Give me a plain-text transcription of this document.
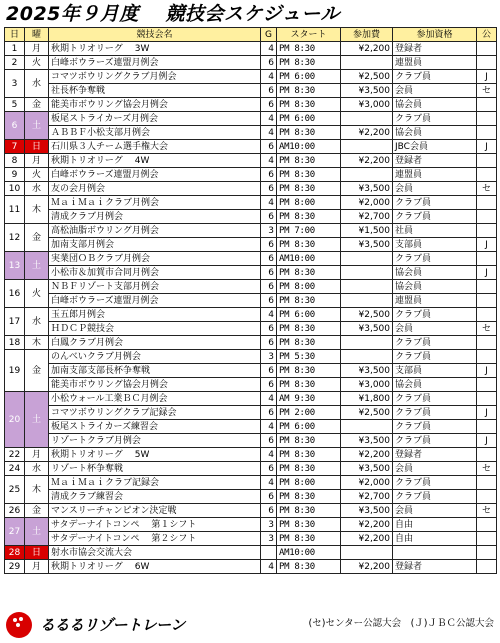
2025年９月度　 競技会スケジュール
日	曜	競技会名	G	スタート	参加費	参加資格	公
1	月	秋期トリオリーグ　 3W	4	PM 8:30	¥2,200	登録者	
2	火	白峰ボウラーズ連盟月例会	6	PM 8:30		連盟員	
3	水	コマツボウリングクラブ月例会	4	PM 6:00	¥2,500	クラブ員	J
		社長杯争奪戦	6	PM 8:30	¥3,500	会員	セ
5	金	能美市ボウリング協会月例会	6	PM 8:30	¥3,000	協会員	
6	土	板尾ストライカーズ月例会	4	PM 6:00		クラブ員	
		ＡＢＢＦ小松支部月例会	4	PM 8:30	¥2,200	協会員	
7	日	石川県３人チーム選手権大会	6	AM10:00		JBC会員	J
8	月	秋期トリオリーグ　 4W	4	PM 8:30	¥2,200	登録者	
9	火	白峰ボウラーズ連盟月例会	6	PM 8:30		連盟員	
10	水	友の会月例会	6	PM 8:30	¥3,500	会員	セ
11	木	ＭａｉＭａｉクラブ月例会	4	PM 8:00	¥2,000	クラブ員	
		清成クラブ月例会	6	PM 8:30	¥2,700	クラブ員	
12	金	高松油脂ボウリング月例会	3	PM 7:00	¥1,500	社員	
		加南支部月例会	6	PM 8:30	¥3,500	支部員	J
13	土	実業団ＯＢクラブ月例会	6	AM10:00		クラブ員	
		小松市＆加賀市合同月例会	6	PM 8:30		協会員	J
16	火	ＮＢＦリゾート支部月例会	6	PM 8:00		協会員	
		白峰ボウラーズ連盟月例会	6	PM 8:30		連盟員	
17	水	玉五郎月例会	4	PM 6:00	¥2,500	クラブ員	
		ＨＤＣＰ競技会	6	PM 8:30	¥3,500	会員	セ
18	木	白鳳クラブ月例会	6	PM 8:30		クラブ員	
19	金	のんべいクラブ月例会	3	PM 5:30		クラブ員	
		加南支部支部長杯争奪戦	6	PM 8:30	¥3,500	支部員	J
		能美市ボウリング協会月例会	6	PM 8:30	¥3,000	協会員	
20	土	小松ウォール工業ＢＣ月例会	4	AM 9:30	¥1,800	クラブ員	
		コマツボウリングクラブ記録会	6	PM 2:00	¥2,500	クラブ員	J
		板尾ストライカーズ練習会	4	PM 6:00		クラブ員	
		リゾートクラブ月例会	6	PM 8:30	¥3,500	クラブ員	J
22	月	秋期トリオリーグ　 5W	4	PM 8:30	¥2,200	登録者	
24	水	リゾート杯争奪戦	6	PM 8:30	¥3,500	会員	セ
25	木	ＭａｉＭａｉクラブ記録会	4	PM 8:00	¥2,000	クラブ員	
		清成クラブ練習会	6	PM 8:30	¥2,700	クラブ員	
26	金	マンスリーチャンピオン決定戦	6	PM 8:30	¥3,500	会員	セ
27	土	サタデーナイトコンペ　 第１シフト	3	PM 8:30	¥2,200	自由	
		サタデーナイトコンペ　 第２シフト	3	PM 8:30	¥2,200	自由	
28	日	射水市協会交流大会		AM10:00			
29	月	秋期トリオリーグ　 6W	4	PM 8:30	¥2,200	登録者	
るるるリゾートレーン	(セ)センター公認大会　(Ｊ)ＪＢＣ公認大会
